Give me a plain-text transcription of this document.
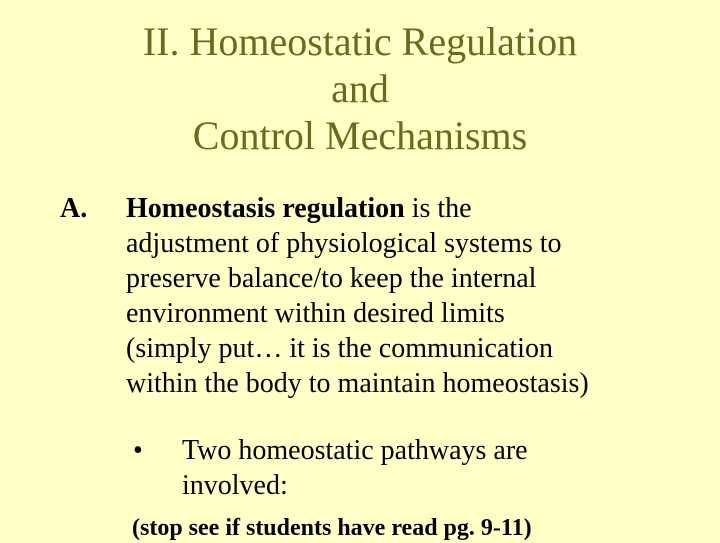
II. Homeostatic Regulation
and
Control Mechanisms
A. Homeostasis regulation is the
adjustment of physiological systems to
preserve balance/to keep the internal
environment within desired limits
(simply put… it is the communication
within the body to maintain homeostasis)
• Two homeostatic pathways are
involved:
(stop see if students have read pg. 9-11)
